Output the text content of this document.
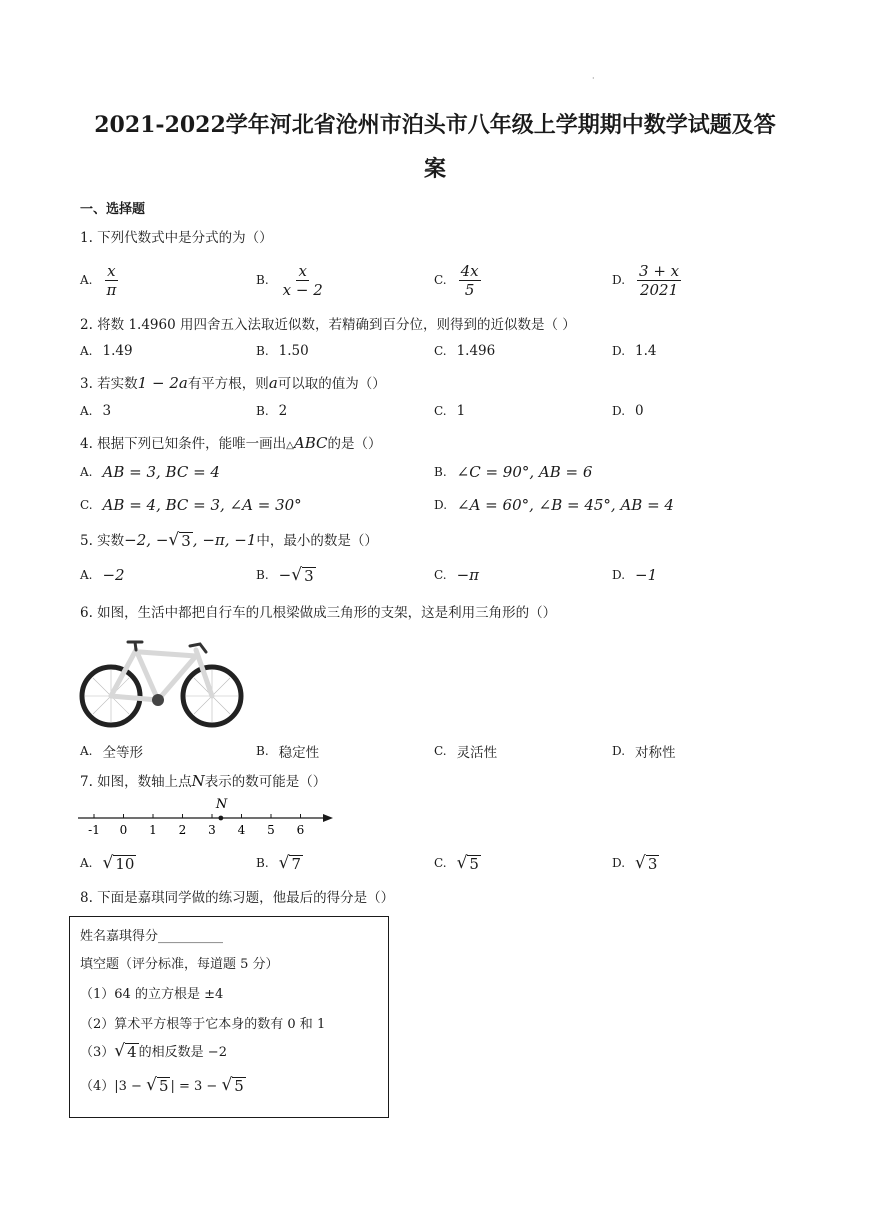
·
2021-2022学年河北省沧州市泊头市八年级上学期期中数学试题及答
案
一、选择题
1. 下列代数式中是分式的为（）
A. $\frac{x}{\pi}$	B. $\frac{x}{x - 2}$	C. $\frac{4x}{5}$	D. $\frac{3 + x}{2021}$
2. 将数 1.4960 用四舍五入法取近似数，若精确到百分位，则得到的近似数是（ ）
A. 1.49	B. 1.50	C. 1.496	D. 1.4
3. 若实数1 − 2a有平方根，则a可以取的值为（）
A. 3	B. 2	C. 1	D. 0
4. 根据下列已知条件，能唯一画出△ABC的是（）
A. AB = 3, BC = 4	B. ∠C = 90°, AB = 6
C. AB = 4, BC = 3, ∠A = 30°	D. ∠A = 60°, ∠B = 45°, AB = 4
5. 实数−2, − √ 3 , −π, −1中，最小的数是（）
A. −2	B. − √ 3	C. −π	D. −1
6. 如图，生活中都把自行车的几根梁做成三角形的支架，这是利用三角形的（）
A. 全等形	B. 稳定性	C. 灵活性	D. 对称性
7. 如图，数轴上点N表示的数可能是（）
-1 0 1 2 3 4 5 6
N
A. √ 10	B. √ 7	C. √ 5	D. √ 3
8. 下面是嘉琪同学做的练习题，他最后的得分是（）
姓名嘉琪得分__________
填空题（评分标准，每道题 5 分）
（1）64 的立方根是 ±4
（2）算术平方根等于它本身的数有 0 和 1
（3） √ 4 的相反数是 −2
（4）|3 − √ 5 | = 3 − √ 5
